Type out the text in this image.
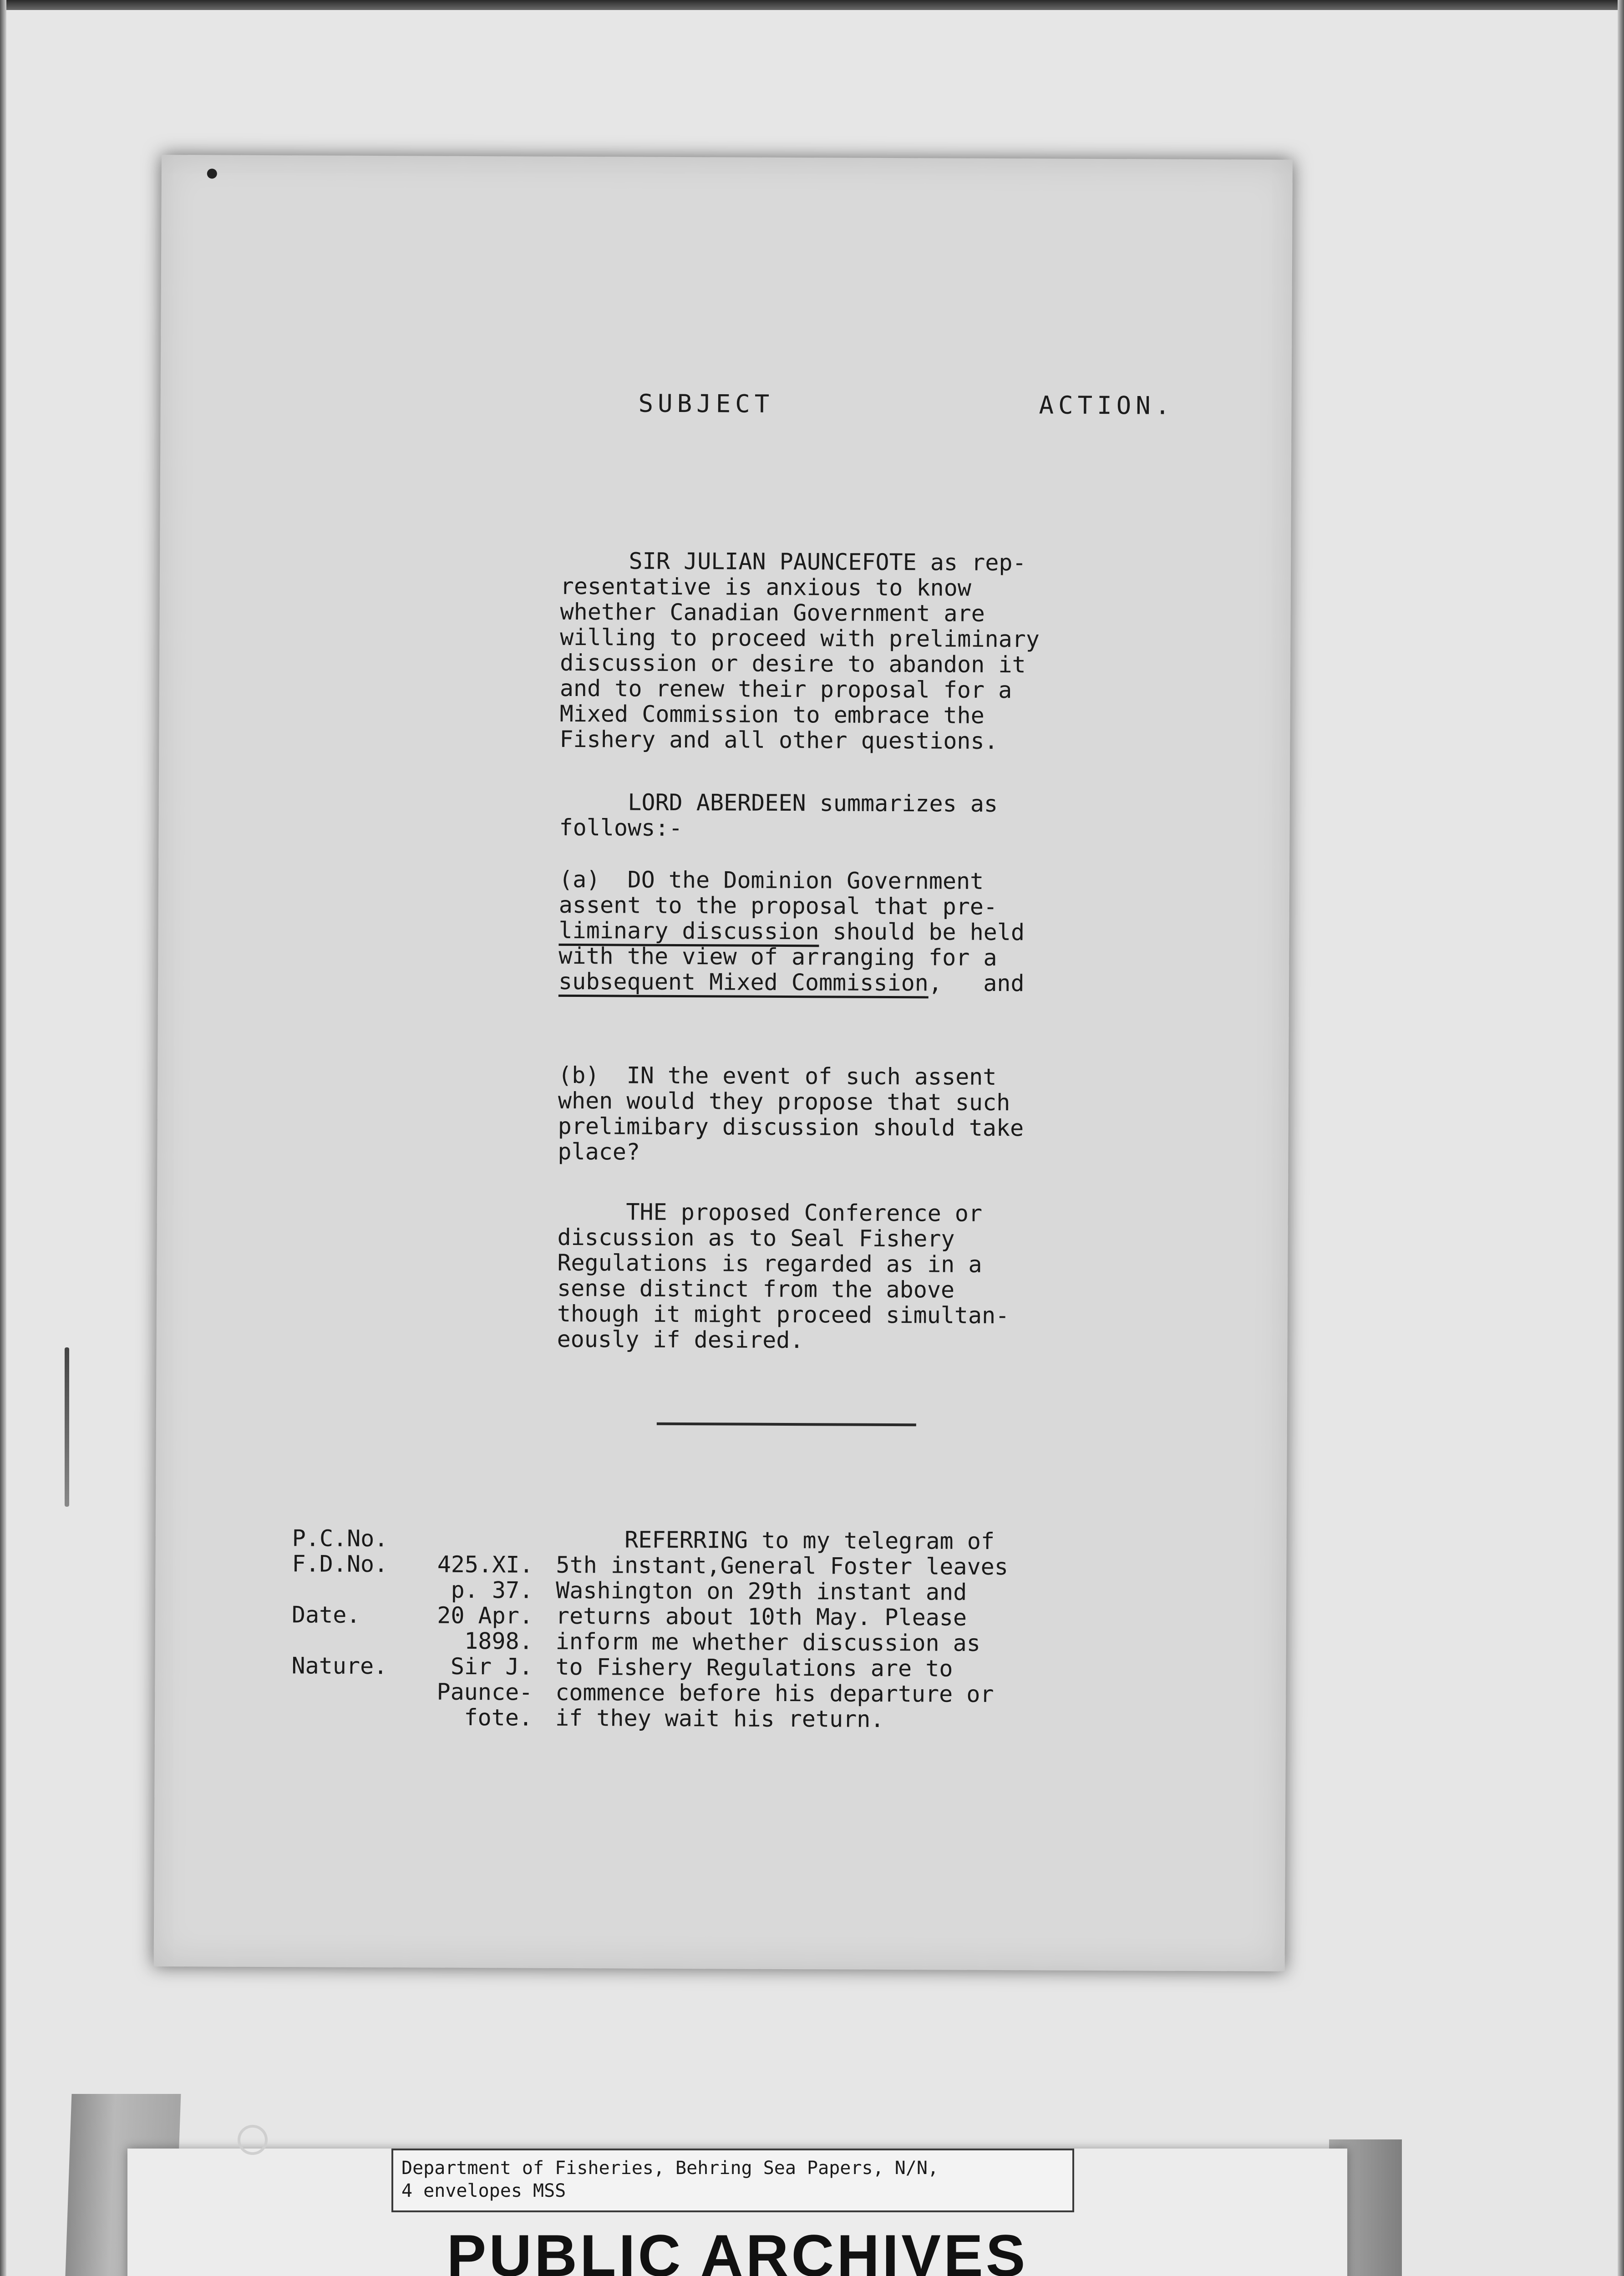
SUBJECT	ACTION.
SIR JULIAN PAUNCEFOTE as rep-
resentative is anxious to know
whether Canadian Government are
willing to proceed with preliminary
discussion or desire to abandon it
and to renew their proposal for a
Mixed Commission to embrace the
Fishery and all other questions.
LORD ABERDEEN summarizes as
follows:-
(a)  DO the Dominion Government
assent to the proposal that pre-
liminary discussion should be held
with the view of arranging for a
subsequent Mixed Commission,   and
(b)  IN the event of such assent
when would they propose that such
prelimibary discussion should take
place?
THE proposed Conference or
discussion as to Seal Fishery
Regulations is regarded as in a
sense distinct from the above
though it might proceed simultan-
eously if desired.
P.C.No.
F.D.No.	425.XI.
p. 37.
Date.	20 Apr.
1898.
Nature.	Sir J.
Paunce-
fote.
REFERRING to my telegram of
5th instant,General Foster leaves
Washington on 29th instant and
returns about 10th May. Please
inform me whether discussion as
to Fishery Regulations are to
commence before his departure or
if they wait his return.
Department of Fisheries, Behring Sea Papers, N/N,
4 envelopes MSS
PUBLIC ARCHIVES
